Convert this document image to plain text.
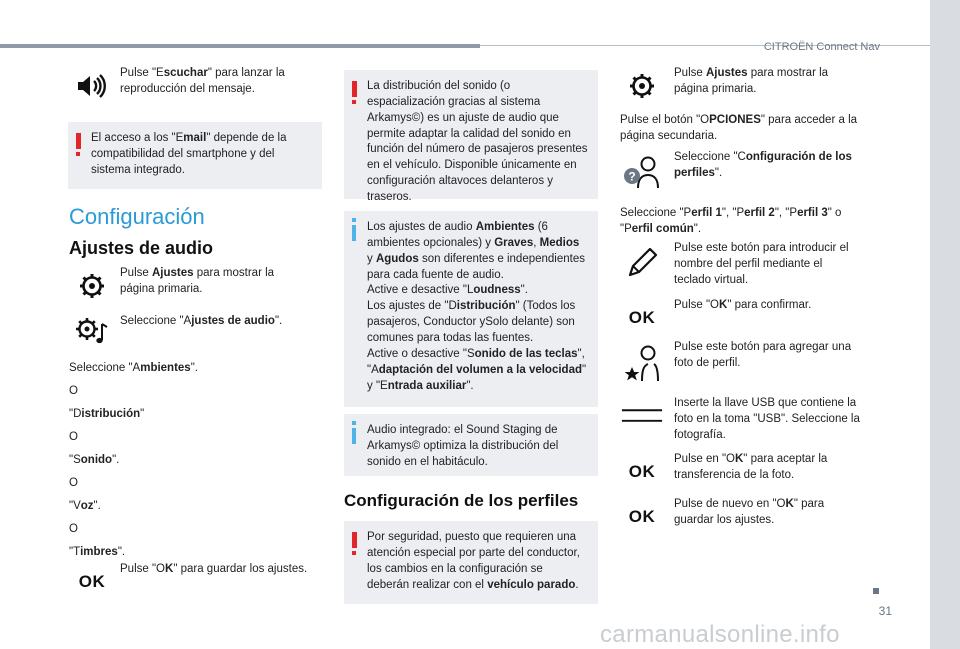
CITROËN Connect Nav
31
carmanualsonline.info
Pulse "Escuchar" para lanzar la reproducción del mensaje.
El acceso a los "Email" depende de la compatibilidad del smartphone y del sistema integrado.
Configuración
Ajustes de audio
Pulse Ajustes para mostrar la página primaria.
Seleccione "Ajustes de audio".
Seleccione "Ambientes".
O
"Distribución"
O
"Sonido".
O
"Voz".
O
"Timbres".
OK
Pulse "OK" para guardar los ajustes.
La distribución del sonido (o espacialización gracias al sistema Arkamys©) es un ajuste de audio que permite adaptar la calidad del sonido en función del número de pasajeros presentes en el vehículo. Disponible únicamente en configuración altavoces delanteros y traseros.
Los ajustes de audio Ambientes (6 ambientes opcionales) y Graves, Medios y Agudos son diferentes e independientes para cada fuente de audio.
Active e desactive "Loudness".
Los ajustes de "Distribución" (Todos los pasajeros, Conductor ySolo delante) son comunes para todas las fuentes.
Active o desactive "Sonido de las teclas", "Adaptación del volumen a la velocidad" y "Entrada auxiliar".
Audio integrado: el Sound Staging de Arkamys© optimiza la distribución del sonido en el habitáculo.
Configuración de los perfiles
Por seguridad, puesto que requieren una atención especial por parte del conductor, los cambios en la configuración se deberán realizar con el vehículo parado.
Pulse Ajustes para mostrar la página primaria.
Pulse el botón "OPCIONES" para acceder a la página secundaria.
?
Seleccione "Configuración de los perfiles".
Seleccione "Perfil 1", "Perfil 2", "Perfil 3" o "Perfil común".
Pulse este botón para introducir el nombre del perfil mediante el teclado virtual.
OK
Pulse "OK" para confirmar.
Pulse este botón para agregar una foto de perfil.
Inserte la llave USB que contiene la foto en la toma "USB". Seleccione la fotografía.
OK
Pulse en "OK" para aceptar la transferencia de la foto.
OK
Pulse de nuevo en "OK" para guardar los ajustes.
